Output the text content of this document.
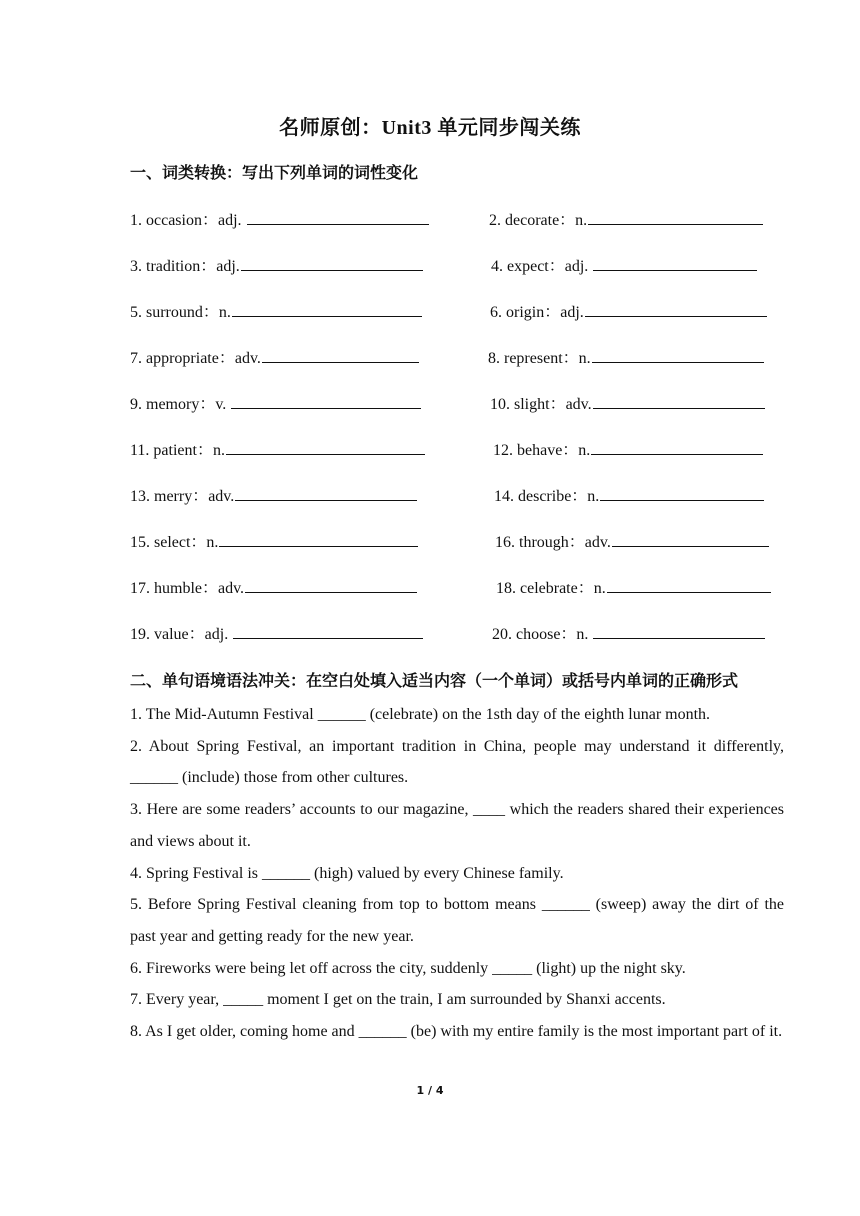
名师原创：Unit3 单元同步闯关练
一、词类转换：写出下列单词的词性变化
1. occasion：adj.	2. decorate：n.
3. tradition：adj.	4. expect：adj.
5. surround：n.	6. origin：adj.
7. appropriate：adv.	8. represent：n.
9. memory：v.	10. slight：adv.
11. patient：n.	12. behave：n.
13. merry：adv.	14. describe：n.
15. select：n.	16. through：adv.
17. humble：adv.	18. celebrate：n.
19. value：adj.	20. choose：n.
二、单句语境语法冲关：在空白处填入适当内容（一个单词）或括号内单词的正确形式

1. The Mid-Autumn Festival ______ (celebrate) on the 1sth day of the eighth lunar month.

2. About Spring Festival, an important tradition in China, people may understand it differently, ______ (include) those from other cultures.

3. Here are some readers’ accounts to our magazine, ____ which the readers shared their experiences and views about it.

4. Spring Festival is ______ (high) valued by every Chinese family.

5. Before Spring Festival cleaning from top to bottom means ______ (sweep) away the dirt of the past year and getting ready for the new year.

6. Fireworks were being let off across the city, suddenly _____ (light) up the night sky.

7. Every year, _____ moment I get on the train, I am surrounded by Shanxi accents.

8. As I get older, coming home and ______ (be) with my entire family is the most important part of it.

1 / 4
